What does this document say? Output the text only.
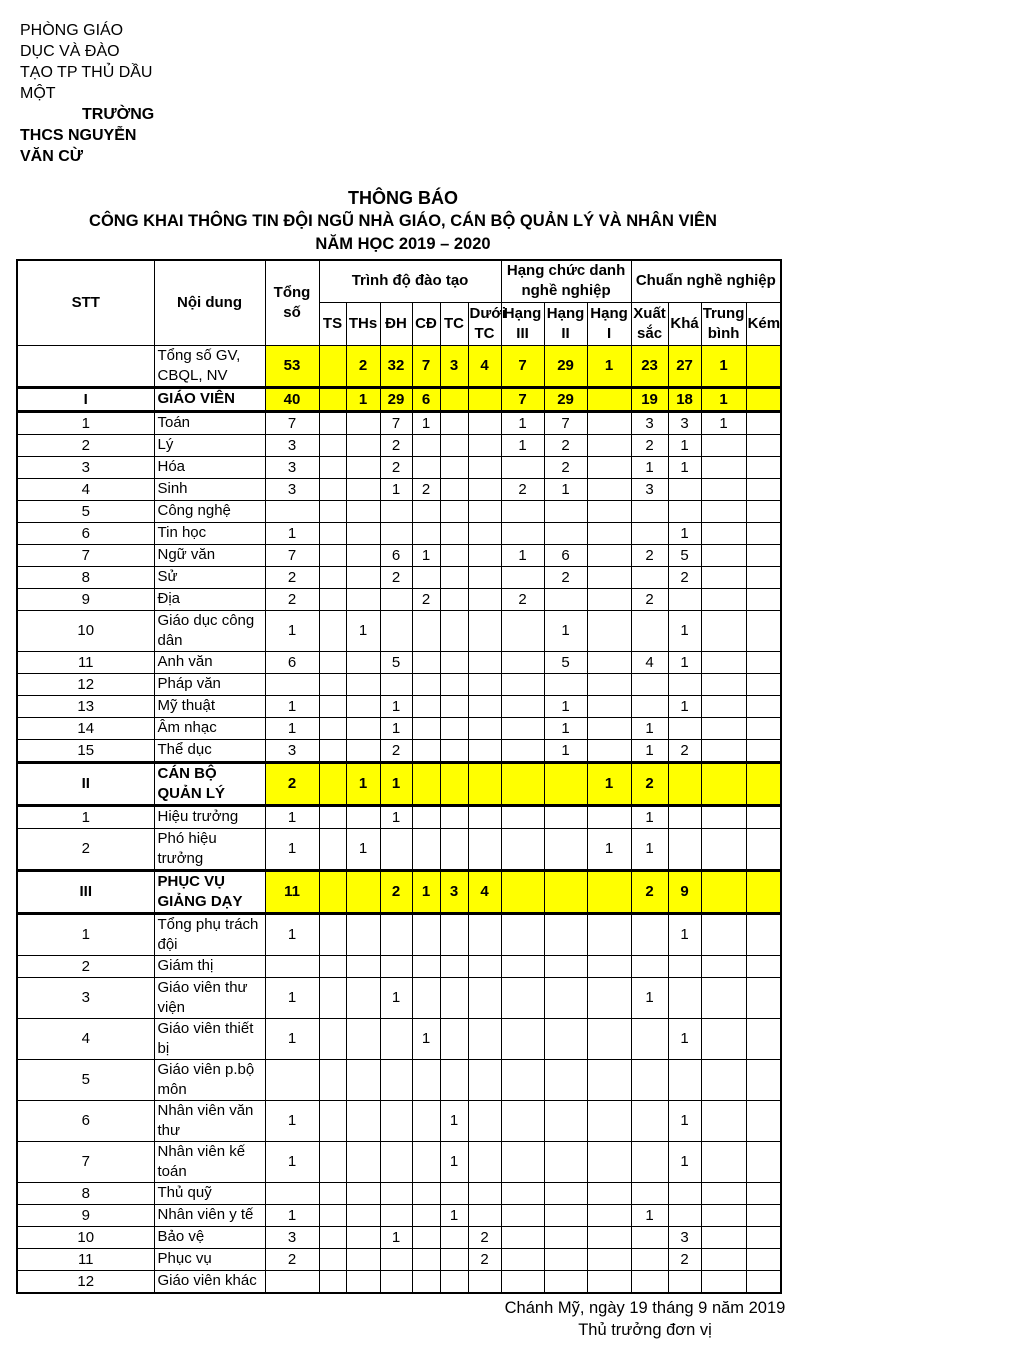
PHÒNG GIÁO
DỤC VÀ ĐÀO
TẠO TP THỦ DẦU
MỘT
TRƯỜNG
THCS NGUYỄN
VĂN CỪ
THÔNG BÁO
CÔNG KHAI THÔNG TIN ĐỘI NGŨ NHÀ GIÁO, CÁN BỘ QUẢN LÝ VÀ NHÂN VIÊN
NĂM HỌC 2019 – 2020
STT	Nội dung	Tổng số	Trình độ đào tạo						Hạng chức danh nghề nghiệp			Chuẩn nghề nghiệp			
			TS	THs	ĐH	CĐ	TC	Dưới TC	Hạng III	Hạng II	Hạng I	Xuất sắc	Khá	Trung bình	Kém
	Tổng số GV, CBQL, NV	53		2	32	7	3	4	7	29	1	23	27	1	
I	GIÁO VIÊN	40		1	29	6			7	29		19	18	1	
1	Toán	7			7	1			1	7		3	3	1	
2	Lý	3			2				1	2		2	1		
3	Hóa	3			2					2		1	1		
4	Sinh	3			1	2			2	1		3			
5	Công nghệ														
6	Tin học	1											1		
7	Ngữ văn	7			6	1			1	6		2	5		
8	Sử	2			2					2			2		
9	Địa	2				2			2			2			
10	Giáo dục công dân	1		1						1			1		
11	Anh văn	6			5					5		4	1		
12	Pháp văn														
13	Mỹ thuật	1			1					1			1		
14	Âm nhạc	1			1					1		1			
15	Thể dục	3			2					1		1	2		
II	CÁN BỘ QUẢN LÝ	2		1	1						1	2			
1	Hiệu trưởng	1			1							1			
2	Phó hiệu trưởng	1		1							1	1			
III	PHỤC VỤ GIẢNG DẠY	11			2	1	3	4				2	9		
1	Tổng phụ trách đội	1											1		
2	Giám thị														
3	Giáo viên thư viện	1			1							1			
4	Giáo viên thiết bị	1				1							1		
5	Giáo viên p.bộ môn														
6	Nhân viên văn thư	1					1						1		
7	Nhân viên kế toán	1					1						1		
8	Thủ quỹ														
9	Nhân viên y tế	1					1					1			
10	Bảo vệ	3			1			2					3		
11	Phục vụ	2						2					2		
12	Giáo viên khác														
Chánh Mỹ, ngày 19 tháng 9 năm 2019
Thủ trưởng đơn vị
